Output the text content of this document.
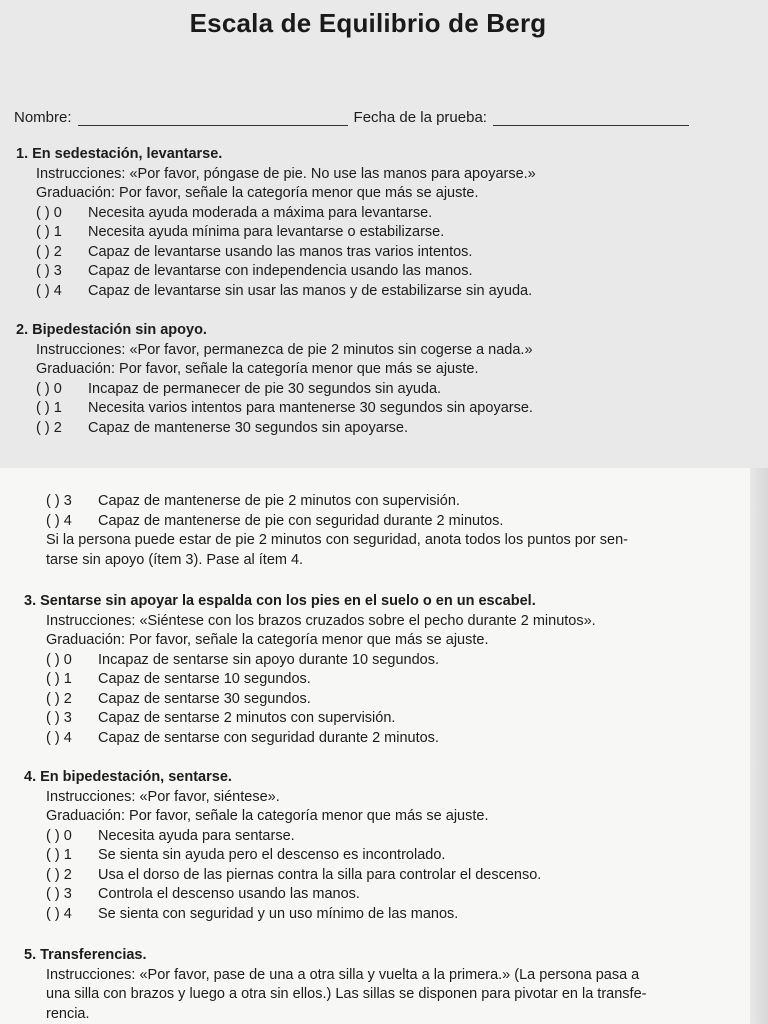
Escala de Equilibrio de Berg
Nombre:	Fecha de la prueba:
1. En sedestación, levantarse.
Instrucciones: «Por favor, póngase de pie. No use las manos para apoyarse.»
Graduación: Por favor, señale la categoría menor que más se ajuste.
( ) 0	Necesita ayuda moderada a máxima para levantarse.
( ) 1	Necesita ayuda mínima para levantarse o estabilizarse.
( ) 2	Capaz de levantarse usando las manos tras varios intentos.
( ) 3	Capaz de levantarse con independencia usando las manos.
( ) 4	Capaz de levantarse sin usar las manos y de estabilizarse sin ayuda.
2. Bipedestación sin apoyo.
Instrucciones: «Por favor, permanezca de pie 2 minutos sin cogerse a nada.»
Graduación: Por favor, señale la categoría menor que más se ajuste.
( ) 0	Incapaz de permanecer de pie 30 segundos sin ayuda.
( ) 1	Necesita varios intentos para mantenerse 30 segundos sin apoyarse.
( ) 2	Capaz de mantenerse 30 segundos sin apoyarse.
( ) 3	Capaz de mantenerse de pie 2 minutos con supervisión.
( ) 4	Capaz de mantenerse de pie con seguridad durante 2 minutos.
Si la persona puede estar de pie 2 minutos con seguridad, anota todos los puntos por sen-
tarse sin apoyo (ítem 3). Pase al ítem 4.
3. Sentarse sin apoyar la espalda con los pies en el suelo o en un escabel.
Instrucciones: «Siéntese con los brazos cruzados sobre el pecho durante 2 minutos».
Graduación: Por favor, señale la categoría menor que más se ajuste.
( ) 0	Incapaz de sentarse sin apoyo durante 10 segundos.
( ) 1	Capaz de sentarse 10 segundos.
( ) 2	Capaz de sentarse 30 segundos.
( ) 3	Capaz de sentarse 2 minutos con supervisión.
( ) 4	Capaz de sentarse con seguridad durante 2 minutos.
4. En bipedestación, sentarse.
Instrucciones: «Por favor, siéntese».
Graduación: Por favor, señale la categoría menor que más se ajuste.
( ) 0	Necesita ayuda para sentarse.
( ) 1	Se sienta sin ayuda pero el descenso es incontrolado.
( ) 2	Usa el dorso de las piernas contra la silla para controlar el descenso.
( ) 3	Controla el descenso usando las manos.
( ) 4	Se sienta con seguridad y un uso mínimo de las manos.
5. Transferencias.
Instrucciones: «Por favor, pase de una a otra silla y vuelta a la primera.» (La persona pasa a
una silla con brazos y luego a otra sin ellos.) Las sillas se disponen para pivotar en la transfe-
rencia.
